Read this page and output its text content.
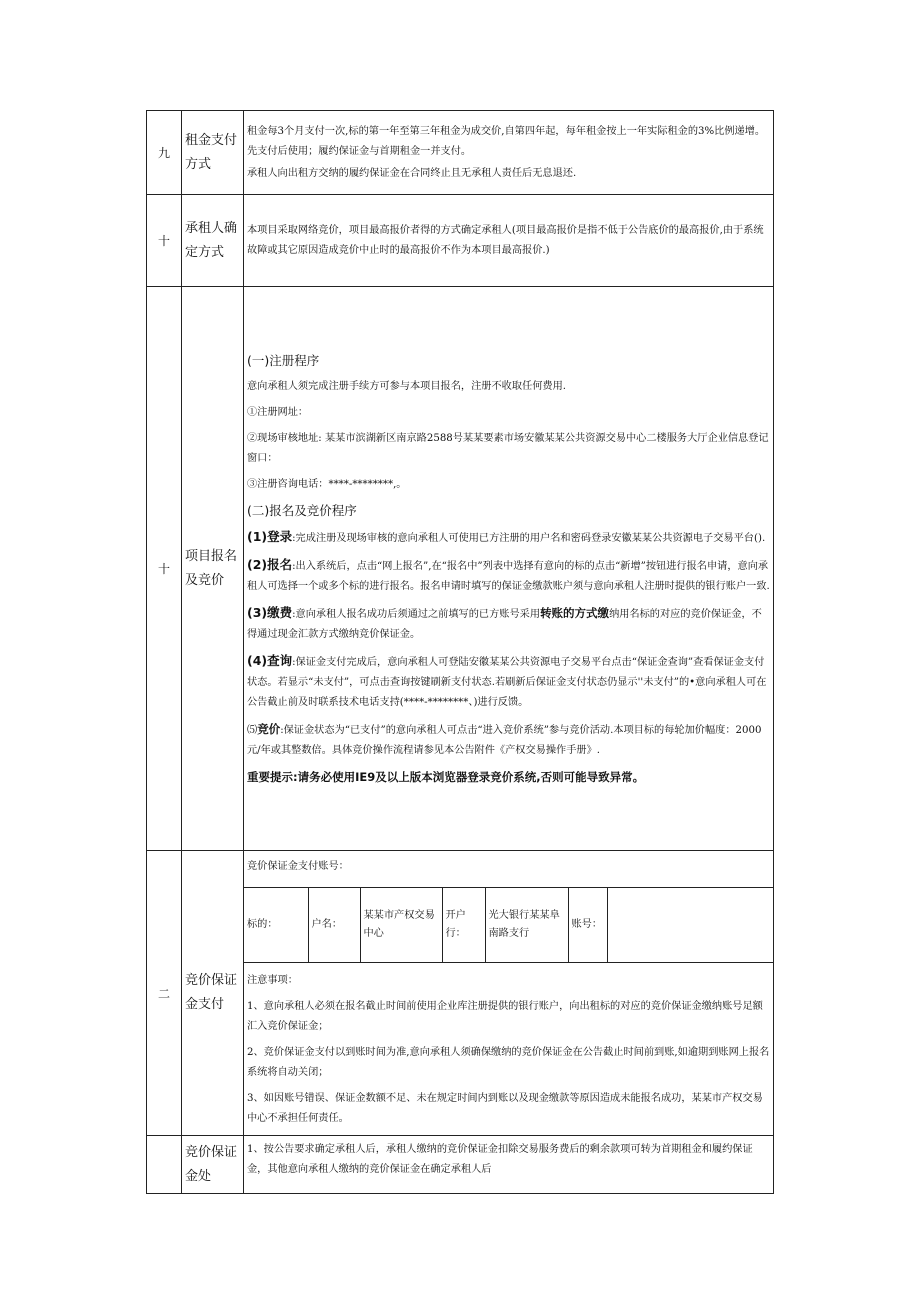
九	租金支付方式	

租金每3个月支付一次,标的第一年至第三年租金为成交价,自第四年起，每年租金按上一年实际租金的3%比例递增。先支付后使用；履约保证金与首期租金一并支付。

承租人向出租方交纳的履约保证金在合同终止且无承租人责任后无息退还.

十	承租人确定方式	

本项目采取网络竞价，项目最高报价者得的方式确定承租人(项目最高报价是指不低于公告底价的最高报价,由于系统故障或其它原因造成竞价中止时的最高报价不作为本项目最高报价.)

十	项目报名及竞价	

(一)注册程序

意向承租人须完成注册手续方可参与本项目报名，注册不收取任何费用.

①注册网址：

②现场审核地址: 某某市滨湖新区南京路2588号某某要素市场安徽某某公共资源交易中心二楼服务大厅企业信息登记窗口：

③注册咨询电话：****-********,。

(二)报名及竞价程序

(1)登录:完成注册及现场审核的意向承租人可使用已方注册的用户名和密码登录安徽某某公共资源电子交易平台().

(2)报名:出入系统后，点击“网上报名”,在“报名中”列表中选择有意向的标的点击“新增”按钮进行报名申请，意向承租人可选择一个或多个标的进行报名。报名申请时填写的保证金缴款账户须与意向承租人注册时提供的银行账户一致.

(3)缴费:意向承租人报名成功后须通过之前填写的已方账号采用转账的方式缴纳用名标的对应的竞价保证金，不得通过现金汇款方式缴纳竞价保证金。

(4)查询:保证金支付完成后，意向承租人可登陆安徽某某公共资源电子交易平台点击“保证金查询”查看保证金支付状态。若显示“未支付”，可点击查询按键刷新支付状态.若刷新后保证金支付状态仍显示''未支付”的•意向承租人可在公告截止前及时联系技术电话支持(****-********、)进行反馈。

⑸竞价:保证金状态为“已支付”的意向承租人可点击“进入竞价系统”参与竞价活动.本项目标的每轮加价幅度：2000元/年或其整数倍。具体竞价操作流程请参见本公告附件《产权交易操作手册》.

重要提示:请务必使用IE9及以上版本浏览器登录竞价系统,否则可能导致异常。

二	竞价保证金支付	
竞价保证金支付账号：
标的：	户名：	某某市产权交易中心	开户行：	光大银行某某阜南路支行	账号：	

注意事项：

1、意向承租人必须在报名截止时间前使用企业库注册提供的银行账户，向出租标的对应的竞价保证金缴纳账号足额汇入竞价保证金；

2、竞价保证金支付以到账时间为准,意向承租人须确保缴纳的竞价保证金在公告截止时间前到账,如逾期到账网上报名系统将自动关闭；

3、如因账号错误、保证金数额不足、未在规定时间内到账以及现金缴款等原因造成未能报名成功，某某市产权交易中心不承担任何责任。

	竞价保证金处	

1、按公告要求确定承租人后，承租人缴纳的竞价保证金扣除交易服务费后的剩余款项可转为首期租金和履约保证金，其他意向承租人缴纳的竞价保证金在确定承租人后
